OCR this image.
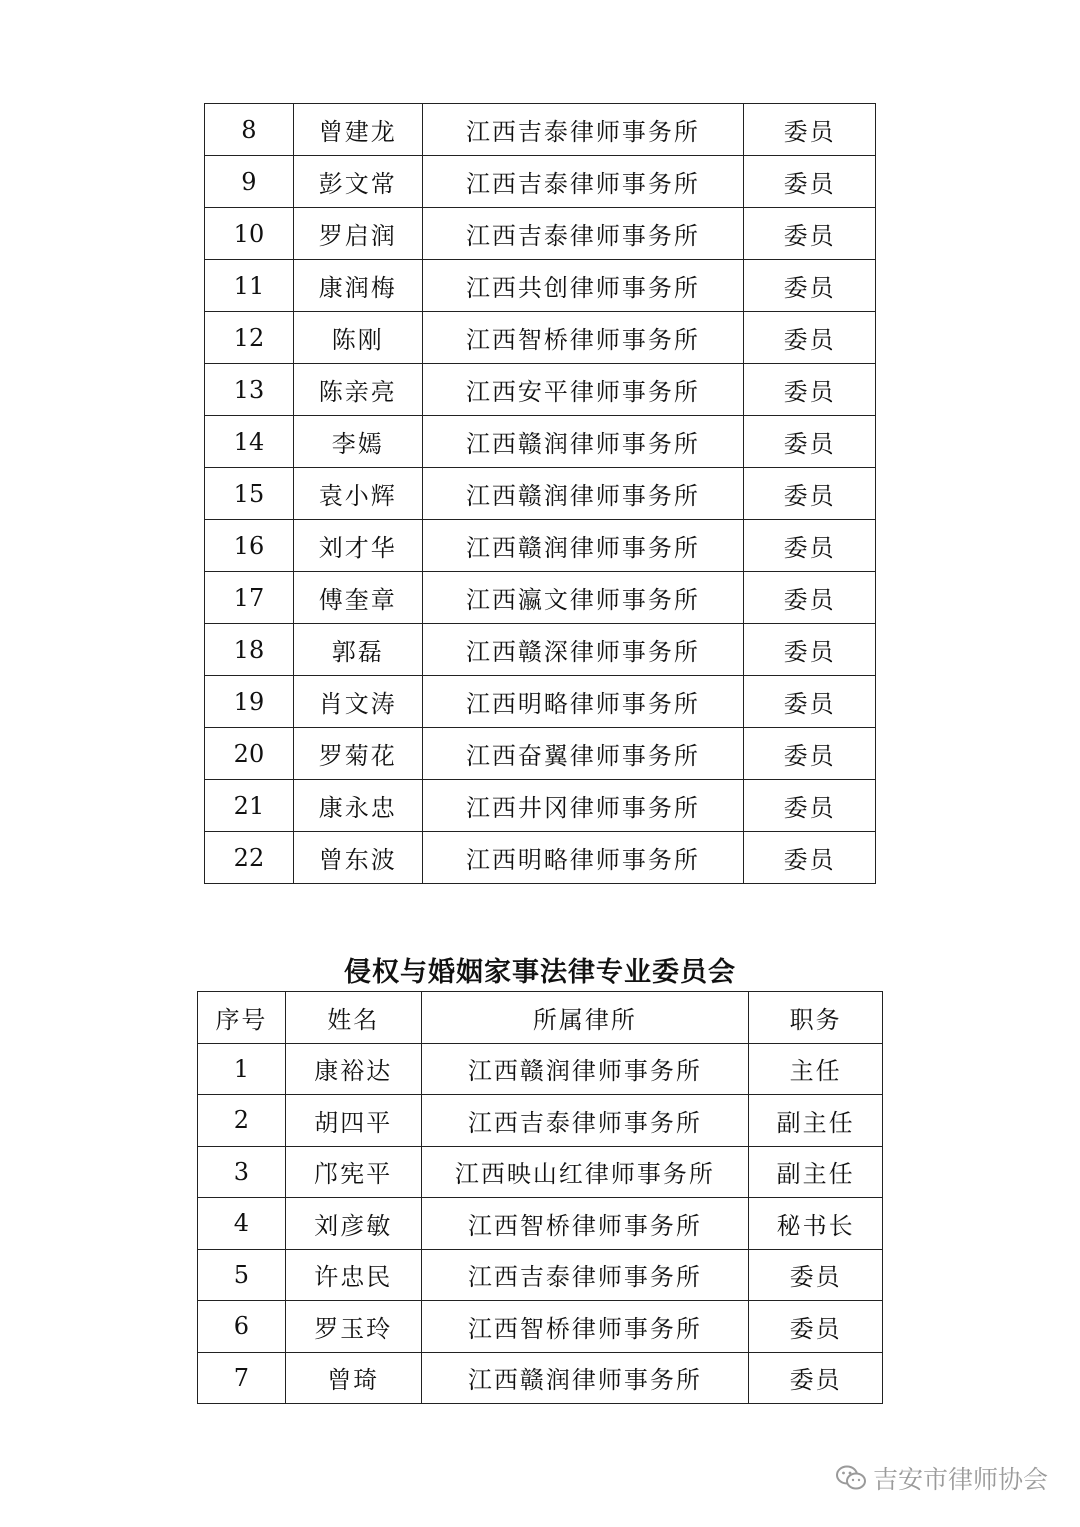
8	曾建龙	江西吉泰律师事务所	委员
9	彭文常	江西吉泰律师事务所	委员
10	罗启润	江西吉泰律师事务所	委员
11	康润梅	江西共创律师事务所	委员
12	陈刚	江西智桥律师事务所	委员
13	陈亲亮	江西安平律师事务所	委员
14	李嫣	江西赣润律师事务所	委员
15	袁小辉	江西赣润律师事务所	委员
16	刘才华	江西赣润律师事务所	委员
17	傅奎章	江西瀛文律师事务所	委员
18	郭磊	江西赣深律师事务所	委员
19	肖文涛	江西明略律师事务所	委员
20	罗菊花	江西奋翼律师事务所	委员
21	康永忠	江西井冈律师事务所	委员
22	曾东波	江西明略律师事务所	委员
侵权与婚姻家事法律专业委员会
序号	姓名	所属律所	职务
1	康裕达	江西赣润律师事务所	主任
2	胡四平	江西吉泰律师事务所	副主任
3	邝宪平	江西映山红律师事务所	副主任
4	刘彦敏	江西智桥律师事务所	秘书长
5	许忠民	江西吉泰律师事务所	委员
6	罗玉玲	江西智桥律师事务所	委员
7	曾琦	江西赣润律师事务所	委员
吉安市律师协会
